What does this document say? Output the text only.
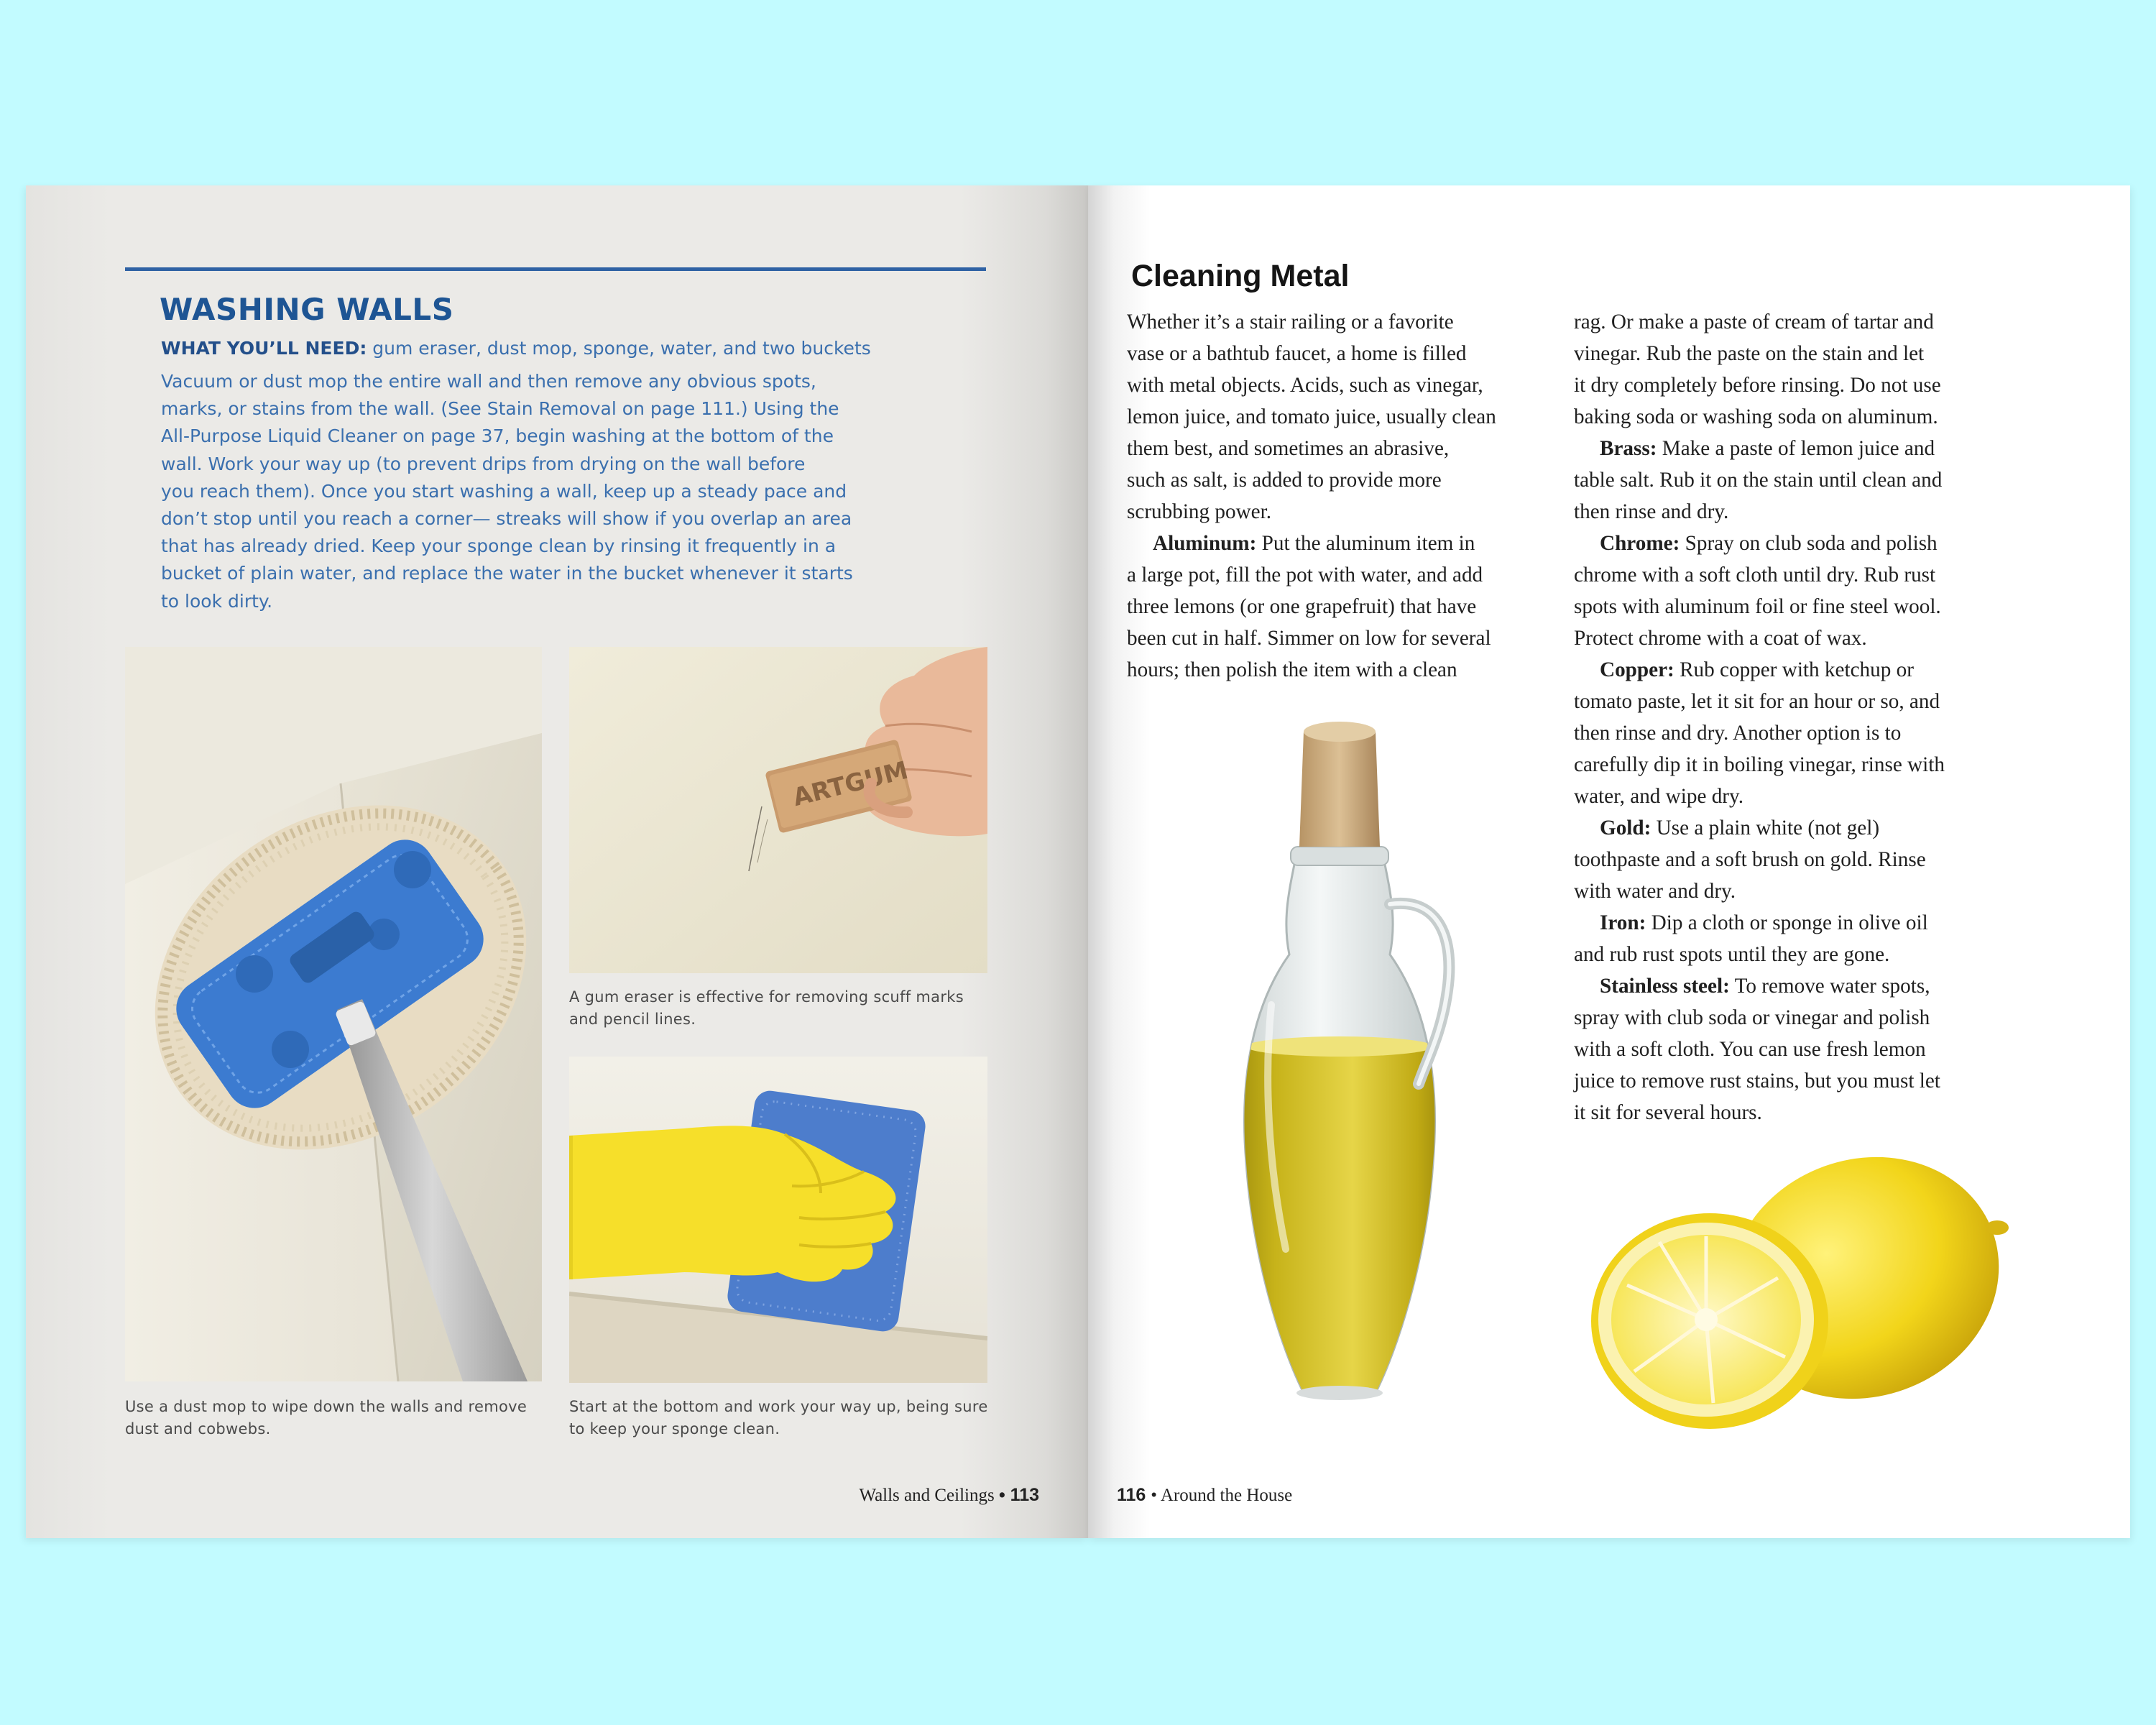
WASHING WALLS
WHAT YOU’LL NEED: gum eraser, dust mop, sponge, water, and two buckets

Vacuum or dust mop the entire wall and then remove any obvious spots,
marks, or stains from the wall. (See Stain Removal on page 111.) Using the
All-Purpose Liquid Cleaner on page 37, begin washing at the bottom of the
wall. Work your way up (to prevent drips from drying on the wall before
you reach them). Once you start washing a wall, keep up a steady pace and
don’t stop until you reach a corner— streaks will show if you overlap an area
that has already dried. Keep your sponge clean by rinsing it frequently in a
bucket of plain water, and replace the water in the bucket whenever it starts
to look dirty.

ARTGUM

A gum eraser is effective for removing scuff marks
and pencil lines.

Use a dust mop to wipe down the walls and remove
dust and cobwebs.

Start at the bottom and work your way up, being sure
to keep your sponge clean.

Walls and Ceilings • 113
Cleaning Metal

Whether it’s a stair railing or a favorite
vase or a bathtub faucet, a home is filled
with metal objects. Acids, such as vinegar,
lemon juice, and tomato juice, usually clean
them best, and sometimes an abrasive,
such as salt, is added to provide more
scrubbing power.

Aluminum: Put the aluminum item in
a large pot, fill the pot with water, and add
three lemons (or one grapefruit) that have
been cut in half. Simmer on low for several
hours; then polish the item with a clean

rag. Or make a paste of cream of tartar and
vinegar. Rub the paste on the stain and let
it dry completely before rinsing. Do not use
baking soda or washing soda on aluminum.

Brass: Make a paste of lemon juice and
table salt. Rub it on the stain until clean and
then rinse and dry.

Chrome: Spray on club soda and polish
chrome with a soft cloth until dry. Rub rust
spots with aluminum foil or fine steel wool.
Protect chrome with a coat of wax.

Copper: Rub copper with ketchup or
tomato paste, let it sit for an hour or so, and
then rinse and dry. Another option is to
carefully dip it in boiling vinegar, rinse with
water, and wipe dry.

Gold: Use a plain white (not gel)
toothpaste and a soft brush on gold. Rinse
with water and dry.

Iron: Dip a cloth or sponge in olive oil
and rub rust spots until they are gone.

Stainless steel: To remove water spots,
spray with club soda or vinegar and polish
with a soft cloth. You can use fresh lemon
juice to remove rust stains, but you must let
it sit for several hours.

116 • Around the House
